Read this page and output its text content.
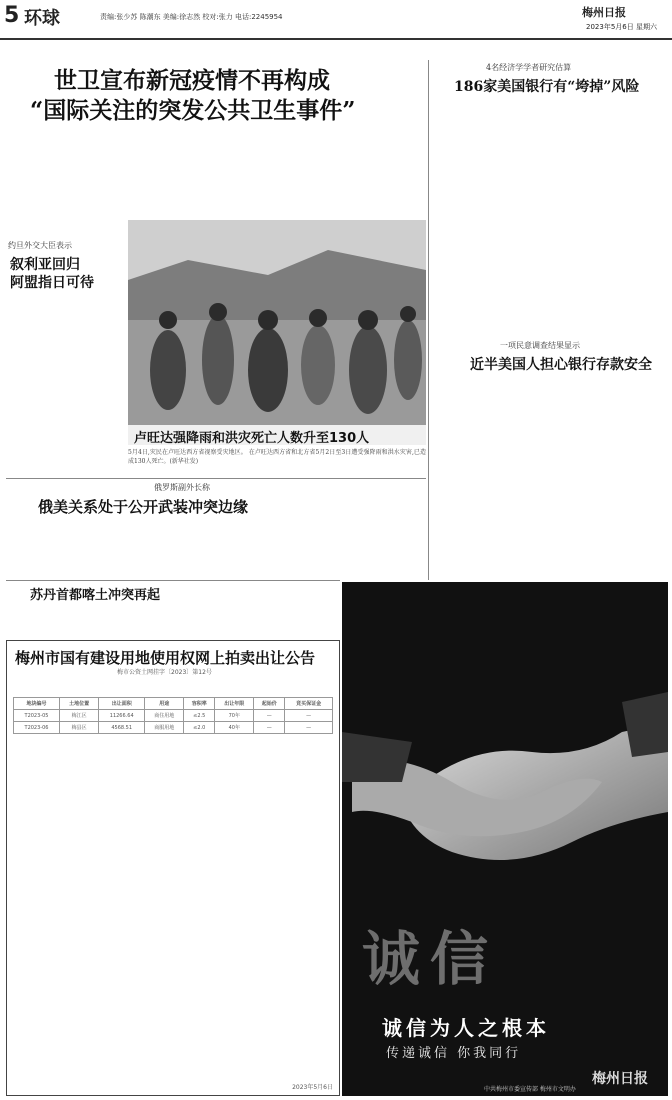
5 环球	责编:张少苏 陈潮东 美编:徐志然 校对:张力 电话:2245954	梅州日报
2023年5月6日 星期六
世卫宣布新冠疫情不再构成
“国际关注的突发公共卫生事件”
约旦外交大臣表示
叙利亚回归
阿盟指日可待
卢旺达强降雨和洪灾死亡人数升至130人
5月4日,灾民在卢旺达西方省视察受灾地区。 在卢旺达西方省和北方省5月2日至3日遭受强降雨和洪水灾害,已造成130人死亡。(新华社发)
4名经济学学者研究估算
186家美国银行有“垮掉”风险
一项民意调查结果显示
近半美国人担心银行存款安全
俄罗斯副外长称
俄美关系处于公开武装冲突边缘
苏丹首都喀土冲突再起
梅州市国有建设用地使用权网上拍卖出让公告
梅市公资土网挂字〔2023〕第12号
地块编号	土地位置	出让面积	用途	容积率	出让年限	起始价	竞买保证金
T2023-05	梅江区	11266.64	商住用地	≤2.5	70年	—	—
T2023-06	梅县区	4568.51	商服用地	≤2.0	40年	—	—
2023年5月6日
诚信
诚信为人之根本
传递诚信 你我同行
梅州日报
中共梅州市委宣传部 梅州市文明办
